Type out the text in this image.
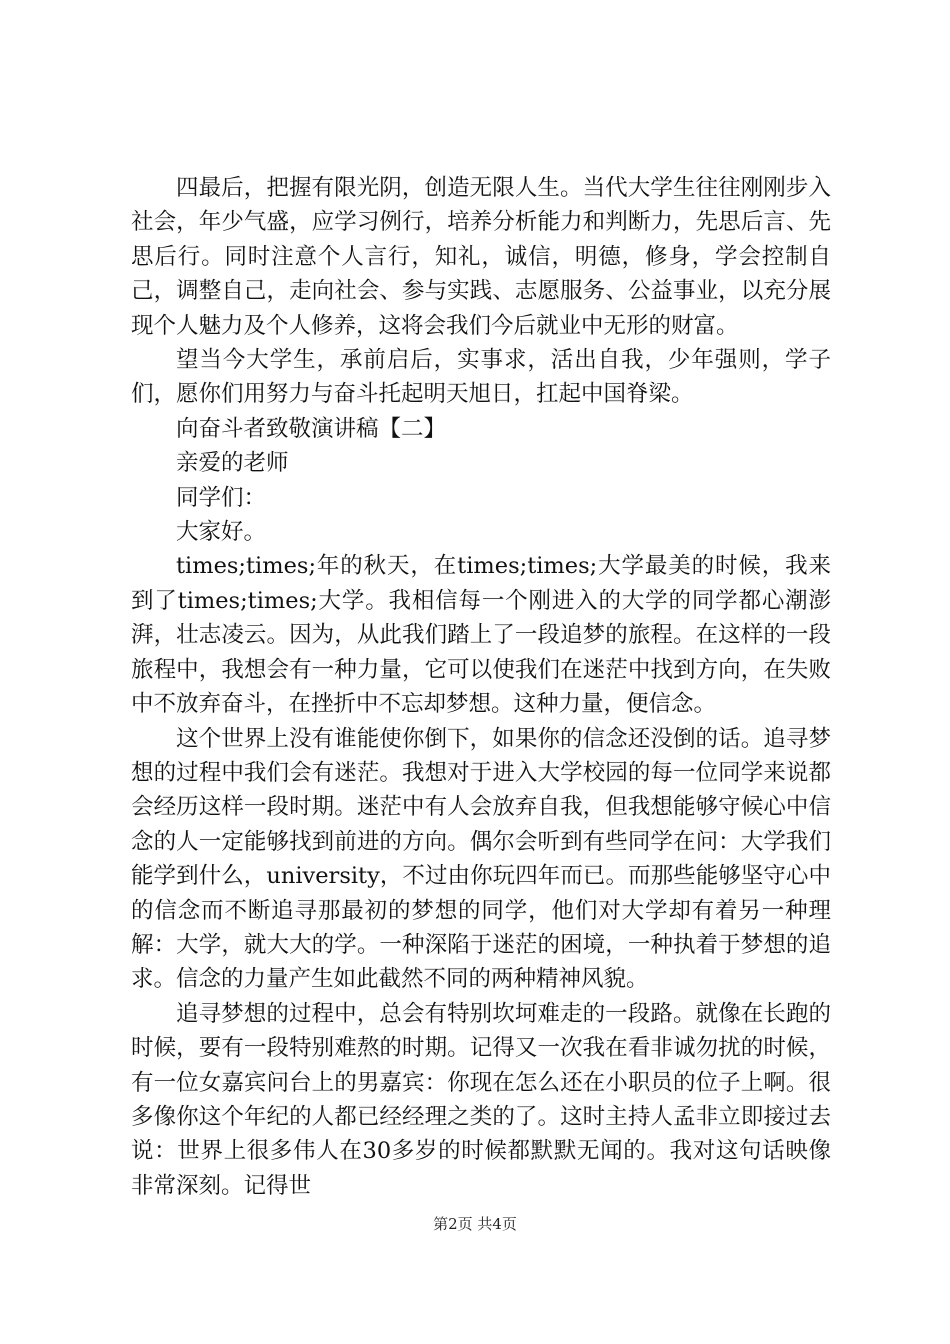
四最后，把握有限光阴，创造无限人生。当代大学生往往刚刚步入社会，年少气盛，应学习例行，培养分析能力和判断力，先思后言、先思后行。同时注意个人言行，知礼，诚信，明德，修身，学会控制自己，调整自己，走向社会、参与实践、志愿服务、公益事业，以充分展现个人魅力及个人修养，这将会我们今后就业中无形的财富。

望当今大学生，承前启后，实事求，活出自我，少年强则，学子们，愿你们用努力与奋斗托起明天旭日，扛起中国脊梁。

向奋斗者致敬演讲稿【二】

亲爱的老师

同学们：

大家好。

times;times;年的秋天，在times;times;大学最美的时候，我来到了times;times;大学。我相信每一个刚进入的大学的同学都心潮澎湃，壮志凌云。因为，从此我们踏上了一段追梦的旅程。在这样的一段旅程中，我想会有一种力量，它可以使我们在迷茫中找到方向，在失败中不放弃奋斗，在挫折中不忘却梦想。这种力量，便信念。

这个世界上没有谁能使你倒下，如果你的信念还没倒的话。追寻梦想的过程中我们会有迷茫。我想对于进入大学校园的每一位同学来说都会经历这样一段时期。迷茫中有人会放弃自我，但我想能够守候心中信念的人一定能够找到前进的方向。偶尔会听到有些同学在问：大学我们能学到什么，university，不过由你玩四年而已。而那些能够坚守心中的信念而不断追寻那最初的梦想的同学，他们对大学却有着另一种理解：大学，就大大的学。一种深陷于迷茫的困境，一种执着于梦想的追求。信念的力量产生如此截然不同的两种精神风貌。

追寻梦想的过程中，总会有特别坎坷难走的一段路。就像在长跑的时候，要有一段特别难熬的时期。记得又一次我在看非诚勿扰的时候，有一位女嘉宾问台上的男嘉宾：你现在怎么还在小职员的位子上啊。很多像你这个年纪的人都已经经理之类的了。这时主持人孟非立即接过去说：世界上很多伟人在30多岁的时候都默默无闻的。我对这句话映像非常深刻。记得世

第2页 共4页
